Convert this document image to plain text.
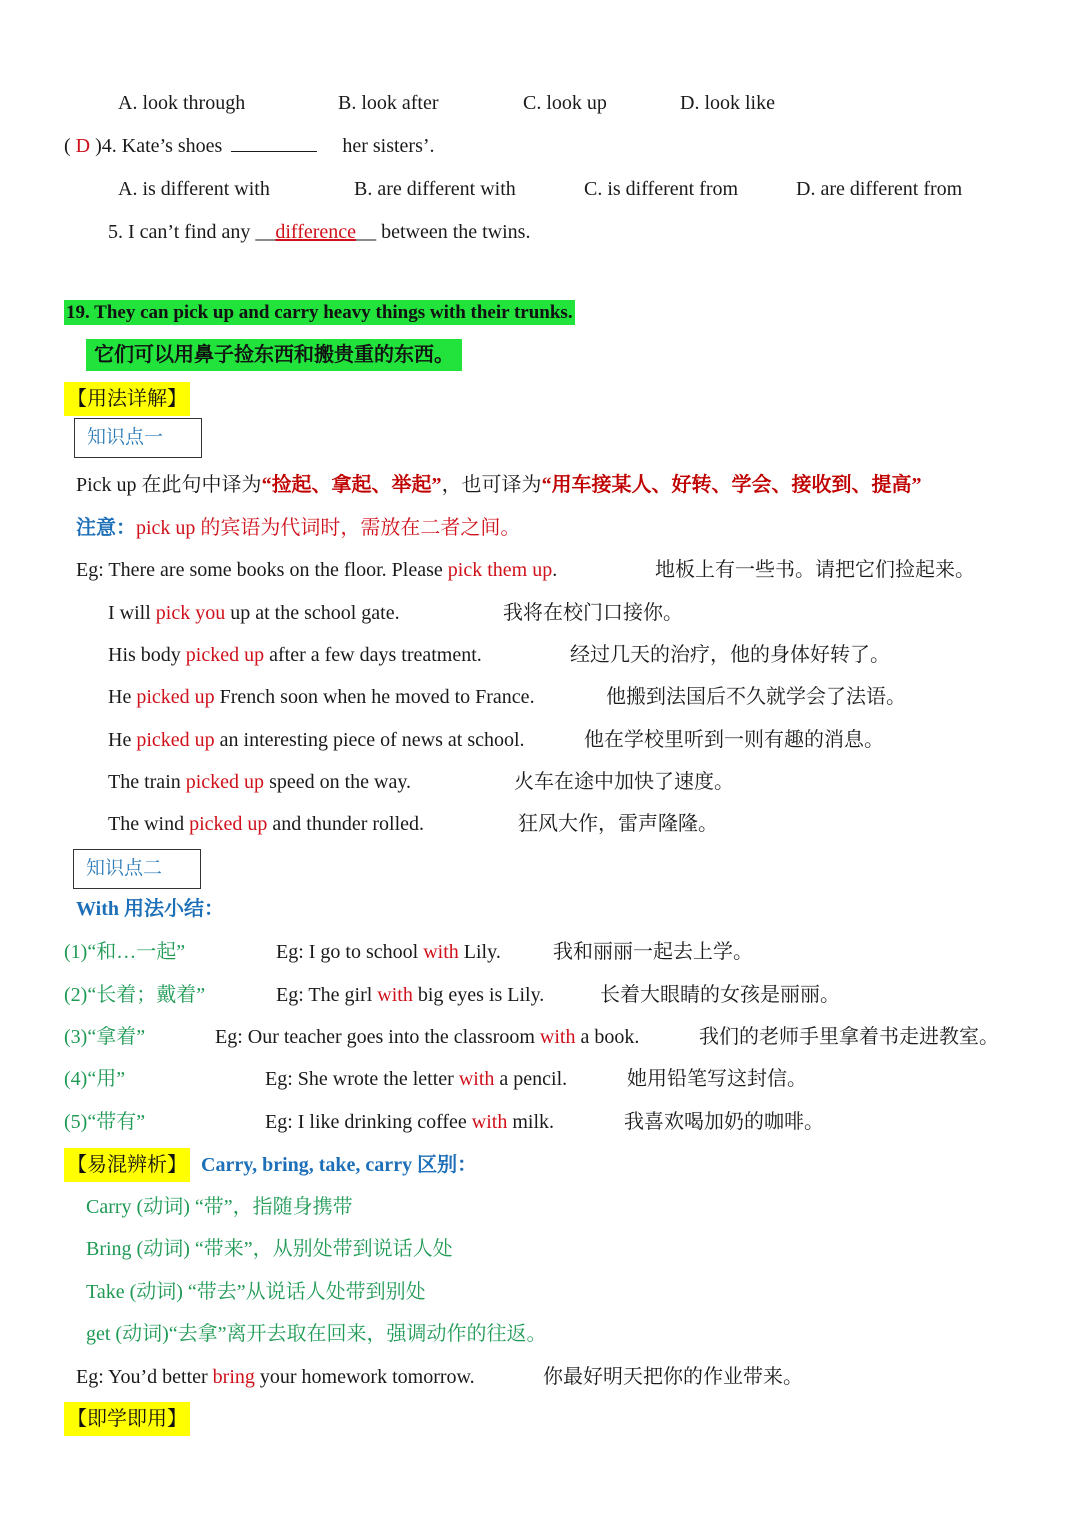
A. look through	B. look after	C. look up	D. look like
( D )4. Kate’s shoes	her sisters’.
A. is different with	B. are different with	C. is different from	D. are different from
5. I can’t find any __difference__ between the twins.
19. They can pick up and carry heavy things with their trunks.
它们可以用鼻子捡东西和搬贵重的东西。
【用法详解】
知识点一
Pick up 在此句中译为“捡起、拿起、举起”，也可译为“用车接某人、好转、学会、接收到、提高”
注意：pick up 的宾语为代词时，需放在二者之间。
Eg: There are some books on the floor. Please pick them up.	地板上有一些书。请把它们捡起来。
I will pick you up at the school gate.	我将在校门口接你。
His body picked up after a few days treatment.	经过几天的治疗，他的身体好转了。
He picked up French soon when he moved to France.	他搬到法国后不久就学会了法语。
He picked up an interesting piece of news at school.	他在学校里听到一则有趣的消息。
The train picked up speed on the way.	火车在途中加快了速度。
The wind picked up and thunder rolled.	狂风大作，雷声隆隆。
知识点二
With 用法小结：
(1)“和…一起”	Eg: I go to school with Lily.	我和丽丽一起去上学。
(2)“长着；戴着”	Eg: The girl with big eyes is Lily.	长着大眼睛的女孩是丽丽。
(3)“拿着”	Eg: Our teacher goes into the classroom with a book.	我们的老师手里拿着书走进教室。
(4)“用”	Eg: She wrote the letter with a pencil.	她用铅笔写这封信。
(5)“带有”	Eg: I like drinking coffee with milk.	我喜欢喝加奶的咖啡。
【易混辨析】 Carry, bring, take, carry 区别：
Carry (动词) “带”，指随身携带
Bring (动词) “带来”，从别处带到说话人处
Take (动词) “带去”从说话人处带到别处
get (动词)“去拿”离开去取在回来，强调动作的往返。
Eg: You’d better bring your homework tomorrow.	你最好明天把你的作业带来。
【即学即用】
